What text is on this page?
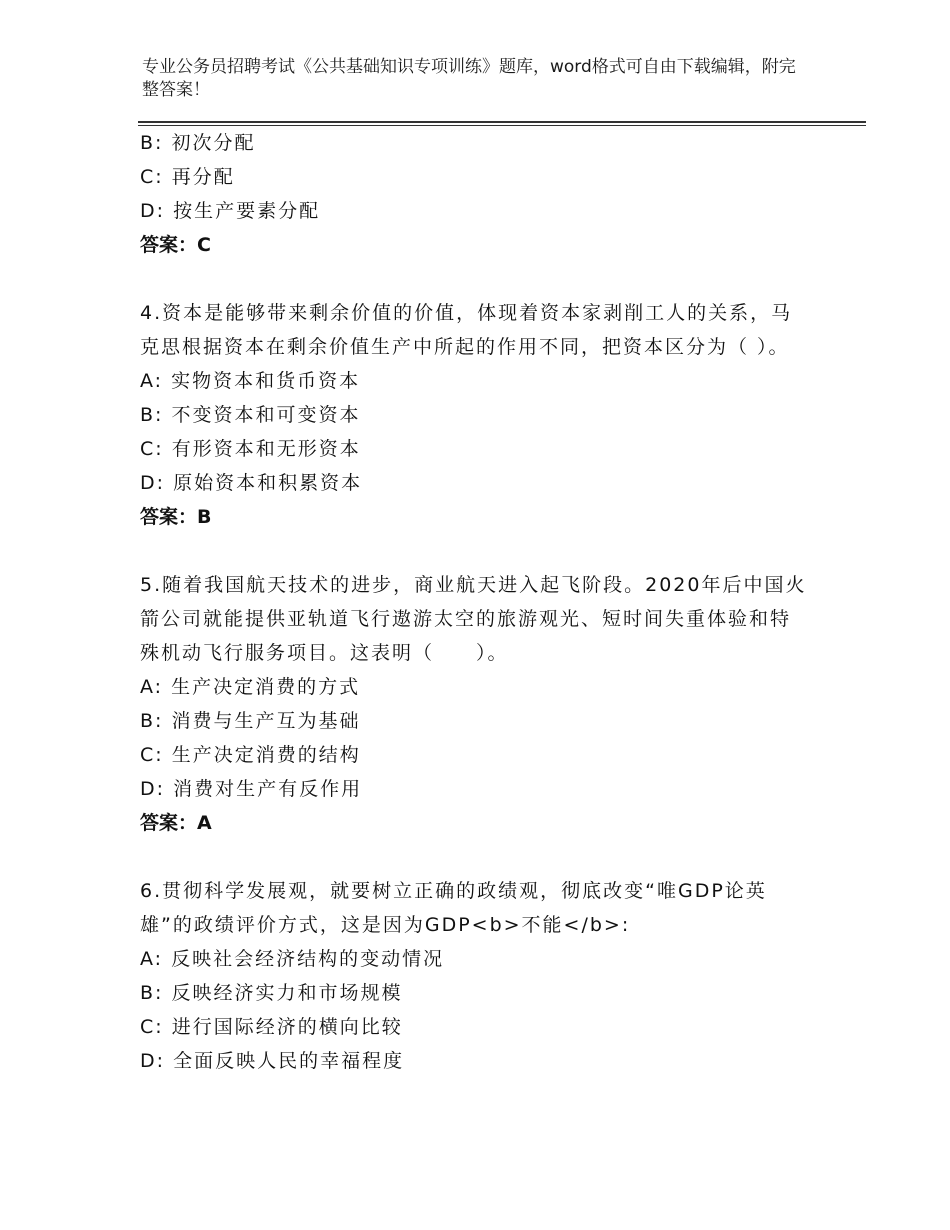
专业公务员招聘考试《公共基础知识专项训练》题库，word格式可自由下载编辑，附完整答案！
B: 初次分配
C: 再分配
D: 按生产要素分配
答案：C
4.资本是能够带来剩余价值的价值，体现着资本家剥削工人的关系，马克思根据资本在剩余价值生产中所起的作用不同，把资本区分为（ ）。
A: 实物资本和货币资本
B: 不变资本和可变资本
C: 有形资本和无形资本
D: 原始资本和积累资本
答案：B
5.随着我国航天技术的进步，商业航天进入起飞阶段。2020年后中国火箭公司就能提供亚轨道飞行遨游太空的旅游观光、短时间失重体验和特殊机动飞行服务项目。这表明（　　）。
A: 生产决定消费的方式
B: 消费与生产互为基础
C: 生产决定消费的结构
D: 消费对生产有反作用
答案：A
6.贯彻科学发展观，就要树立正确的政绩观，彻底改变“唯GDP论英雄”的政绩评价方式，这是因为GDP<b>不能</b>:
A: 反映社会经济结构的变动情况
B: 反映经济实力和市场规模
C: 进行国际经济的横向比较
D: 全面反映人民的幸福程度
